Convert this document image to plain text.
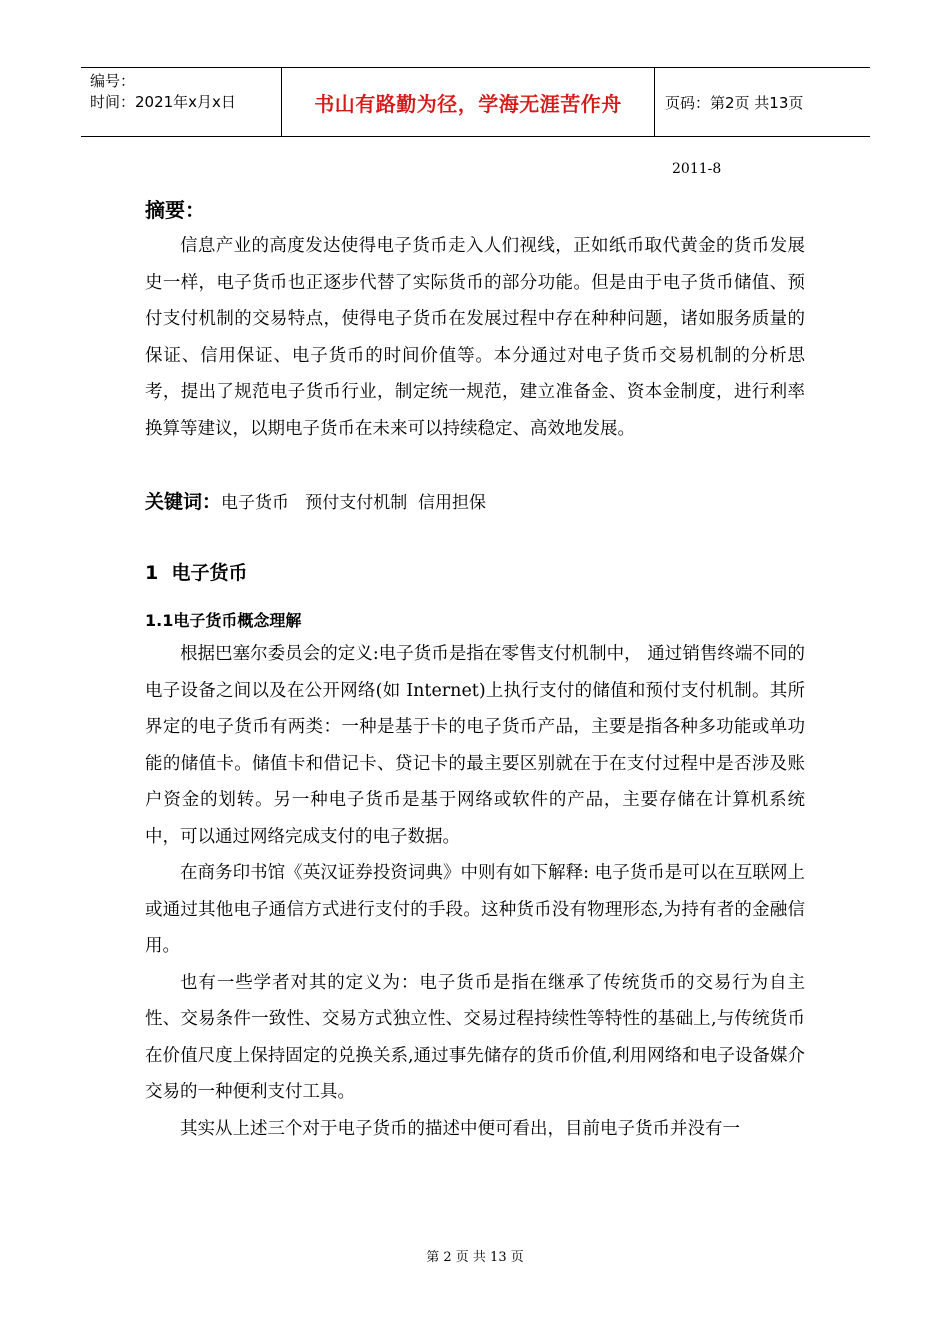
编号：
时间：2021年x月x日	书山有路勤为径，学海无涯苦作舟	页码：第2页 共13页
2011-8
摘要：

信息产业的高度发达使得电子货币走入人们视线，正如纸币取代黄金的货币发展史一样，电子货币也正逐步代替了实际货币的部分功能。但是由于电子货币储值、预付支付机制的交易特点，使得电子货币在发展过程中存在种种问题，诸如服务质量的保证、信用保证、电子货币的时间价值等。本分通过对电子货币交易机制的分析思考，提出了规范电子货币行业，制定统一规范，建立准备金、资本金制度，进行利率换算等建议，以期电子货币在未来可以持续稳定、高效地发展。

关键词：电子货币   预付支付机制  信用担保
1  电子货币
1.1电子货币概念理解

根据巴塞尔委员会的定义:电子货币是指在零售支付机制中， 通过销售终端不同的电子设备之间以及在公开网络(如 Internet)上执行支付的储值和预付支付机制。其所界定的电子货币有两类：一种是基于卡的电子货币产品，主要是指各种多功能或单功能的储值卡。储值卡和借记卡、贷记卡的最主要区别就在于在支付过程中是否涉及账户资金的划转。另一种电子货币是基于网络或软件的产品，主要存储在计算机系统中，可以通过网络完成支付的电子数据。

在商务印书馆《英汉证券投资词典》中则有如下解释: 电子货币是可以在互联网上或通过其他电子通信方式进行支付的手段。这种货币没有物理形态,为持有者的金融信用。

也有一些学者对其的定义为：电子货币是指在继承了传统货币的交易行为自主性、交易条件一致性、交易方式独立性、交易过程持续性等特性的基础上,与传统货币在价值尺度上保持固定的兑换关系,通过事先储存的货币价值,利用网络和电子设备媒介交易的一种便利支付工具。

其实从上述三个对于电子货币的描述中便可看出，目前电子货币并没有一

第 2 页 共 13 页
